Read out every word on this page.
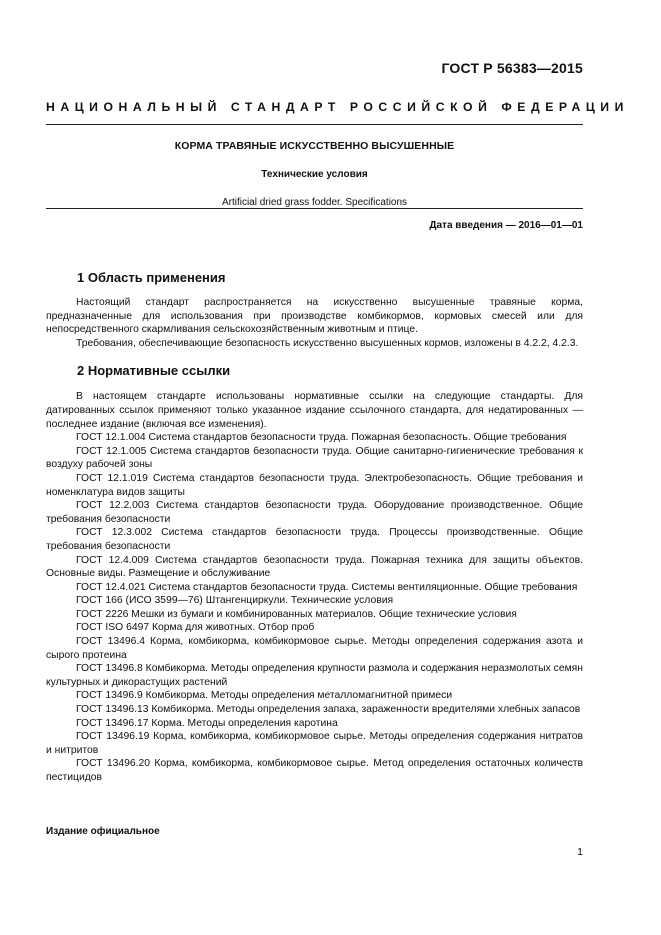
ГОСТ Р 56383—2015
НАЦИОНАЛЬНЫЙ СТАНДАРТ РОССИЙСКОЙ ФЕДЕРАЦИИ
КОРМА ТРАВЯНЫЕ ИСКУССТВЕННО ВЫСУШЕННЫЕ
Технические условия
Artificial dried grass fodder. Specifications
Дата введения — 2016—01—01
1 Область применения

Настоящий стандарт распространяется на искусственно высушенные травяные корма, предназначенные для использования при производстве комбикормов, кормовых смесей или для непосредственного скармливания сельскохозяйственным животным и птице.

Требования, обеспечивающие безопасность искусственно высушенных кормов, изложены в 4.2.2, 4.2.3.

2 Нормативные ссылки

В настоящем стандарте использованы нормативные ссылки на следующие стандарты. Для датированных ссылок применяют только указанное издание ссылочного стандарта, для недатированных — последнее издание (включая все изменения).

ГОСТ 12.1.004 Система стандартов безопасности труда. Пожарная безопасность. Общие требования
ГОСТ 12.1.005 Система стандартов безопасности труда. Общие санитарно-гигиенические требования к воздуху рабочей зоны
ГОСТ 12.1.019 Система стандартов безопасности труда. Электробезопасность. Общие требования и номенклатура видов защиты
ГОСТ 12.2.003 Система стандартов безопасности труда. Оборудование производственное. Общие требования безопасности
ГОСТ 12.3.002 Система стандартов безопасности труда. Процессы производственные. Общие требования безопасности
ГОСТ 12.4.009 Система стандартов безопасности труда. Пожарная техника для защиты объектов. Основные виды. Размещение и обслуживание
ГОСТ 12.4.021 Система стандартов безопасности труда. Системы вентиляционные. Общие требования
ГОСТ 166 (ИСО 3599—76) Штангенциркули. Технические условия
ГОСТ 2226 Мешки из бумаги и комбинированных материалов. Общие технические условия
ГОСТ ISO 6497 Корма для животных. Отбор проб
ГОСТ 13496.4 Корма, комбикорма, комбикормовое сырье. Методы определения содержания азота и сырого протеина
ГОСТ 13496.8 Комбикорма. Методы определения крупности размола и содержания неразмолотых семян культурных и дикорастущих растений
ГОСТ 13496.9 Комбикорма. Методы определения металломагнитной примеси
ГОСТ 13496.13 Комбикорма. Методы определения запаха, зараженности вредителями хлебных запасов
ГОСТ 13496.17 Корма. Методы определения каротина
ГОСТ 13496.19 Корма, комбикорма, комбикормовое сырье. Методы определения содержания нитратов и нитритов
ГОСТ 13496.20 Корма, комбикорма, комбикормовое сырье. Метод определения остаточных количеств пестицидов
Издание официальное
1
